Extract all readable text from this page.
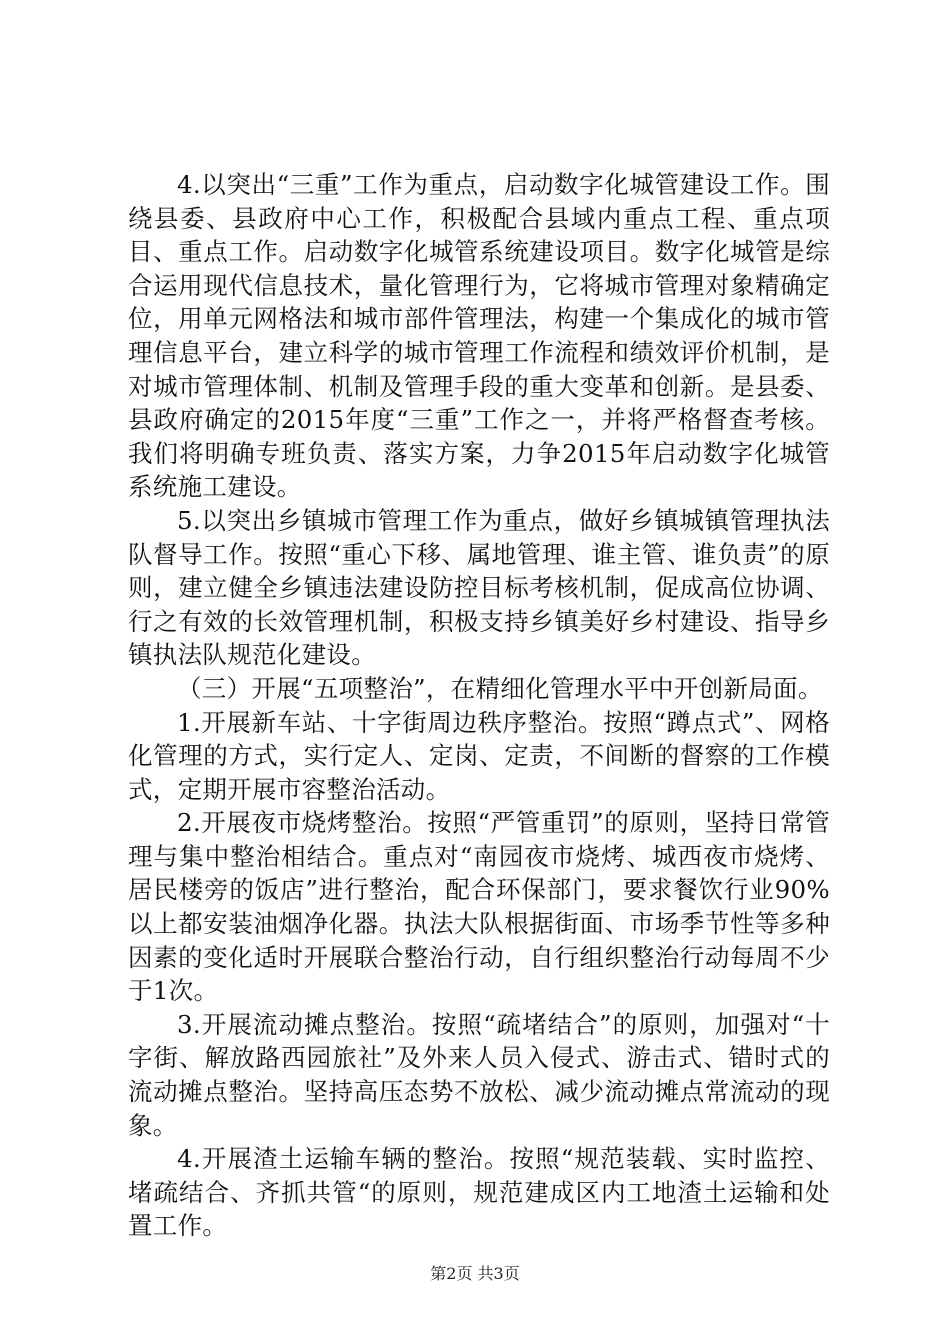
4.以突出“三重”工作为重点，启动数字化城管建设工作。围绕县委、县政府中心工作，积极配合县域内重点工程、重点项目、重点工作。启动数字化城管系统建设项目。数字化城管是综合运用现代信息技术，量化管理行为，它将城市管理对象精确定位，用单元网格法和城市部件管理法，构建一个集成化的城市管理信息平台，建立科学的城市管理工作流程和绩效评价机制，是对城市管理体制、机制及管理手段的重大变革和创新。是县委、县政府确定的2015年度“三重”工作之一，并将严格督查考核。我们将明确专班负责、落实方案，力争2015年启动数字化城管系统施工建设。

5.以突出乡镇城市管理工作为重点，做好乡镇城镇管理执法队督导工作。按照“重心下移、属地管理、谁主管、谁负责”的原则，建立健全乡镇违法建设防控目标考核机制，促成高位协调、行之有效的长效管理机制，积极支持乡镇美好乡村建设、指导乡镇执法队规范化建设。

（三）开展“五项整治”，在精细化管理水平中开创新局面。

1.开展新车站、十字街周边秩序整治。按照“蹲点式”、网格化管理的方式，实行定人、定岗、定责，不间断的督察的工作模式，定期开展市容整治活动。

2.开展夜市烧烤整治。按照“严管重罚”的原则，坚持日常管理与集中整治相结合。重点对“南园夜市烧烤、城西夜市烧烤、居民楼旁的饭店”进行整治，配合环保部门，要求餐饮行业90%以上都安装油烟净化器。执法大队根据街面、市场季节性等多种因素的变化适时开展联合整治行动，自行组织整治行动每周不少于1次。

3.开展流动摊点整治。按照“疏堵结合”的原则，加强对“十字街、解放路西园旅社”及外来人员入侵式、游击式、错时式的流动摊点整治。坚持高压态势不放松、减少流动摊点常流动的现象。

4.开展渣土运输车辆的整治。按照“规范装载、实时监控、堵疏结合、齐抓共管“的原则，规范建成区内工地渣土运输和处置工作。

第2页 共3页
